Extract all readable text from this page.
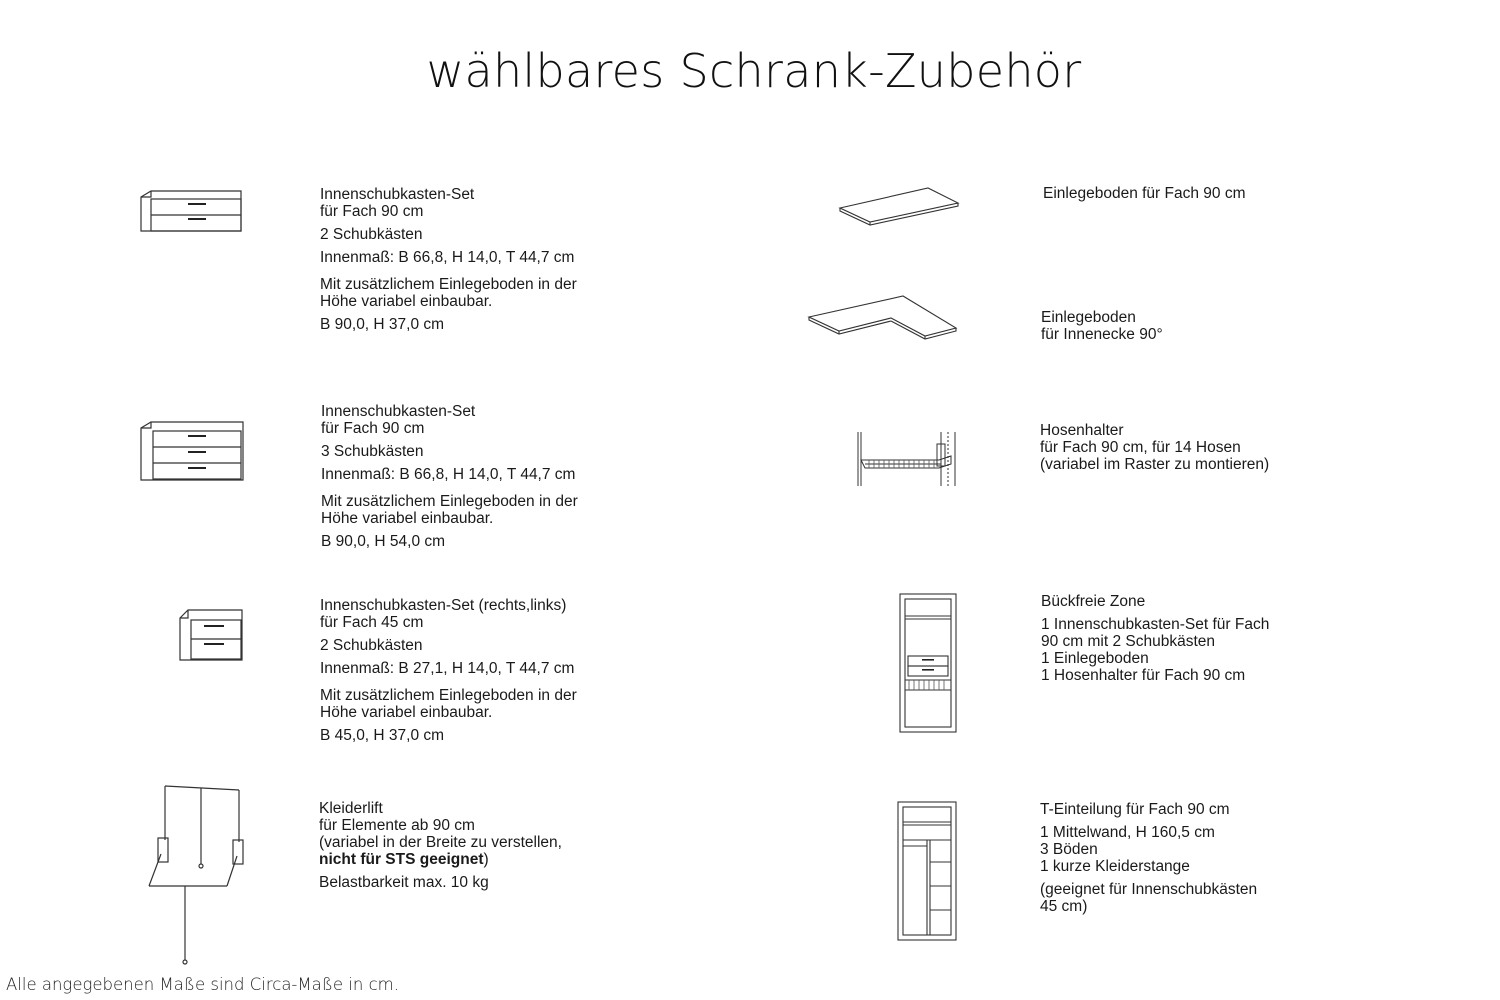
wählbares Schrank-Zubehör
Innenschubkasten-Set
für Fach 90 cm
2 Schubkästen
Innenmaß: B 66,8, H 14,0, T 44,7 cm
Mit zusätzlichem Einlegeboden in der
Höhe variabel einbaubar.
B 90,0, H 37,0 cm
Innenschubkasten-Set
für Fach 90 cm
3 Schubkästen
Innenmaß: B 66,8, H 14,0, T 44,7 cm
Mit zusätzlichem Einlegeboden in der
Höhe variabel einbaubar.
B 90,0, H 54,0 cm
Innenschubkasten-Set (rechts,links)
für Fach 45 cm
2 Schubkästen
Innenmaß: B 27,1, H 14,0, T 44,7 cm
Mit zusätzlichem Einlegeboden in der
Höhe variabel einbaubar.
B 45,0, H 37,0 cm
Kleiderlift
für Elemente ab 90 cm
(variabel in der Breite zu verstellen,
nicht für STS geeignet)
Belastbarkeit max. 10 kg
Einlegeboden für Fach 90 cm
Einlegeboden
für Innenecke 90°
Hosenhalter
für Fach 90 cm, für 14 Hosen
(variabel im Raster zu montieren)
Bückfreie Zone
1 Innenschubkasten-Set für Fach
90 cm mit 2 Schubkästen
1 Einlegeboden
1 Hosenhalter für Fach 90 cm
T-Einteilung für Fach 90 cm
1 Mittelwand, H 160,5 cm
3 Böden
1 kurze Kleiderstange
(geeignet für Innenschubkästen
45 cm)
Alle angegebenen Maße sind Circa-Maße in cm.
